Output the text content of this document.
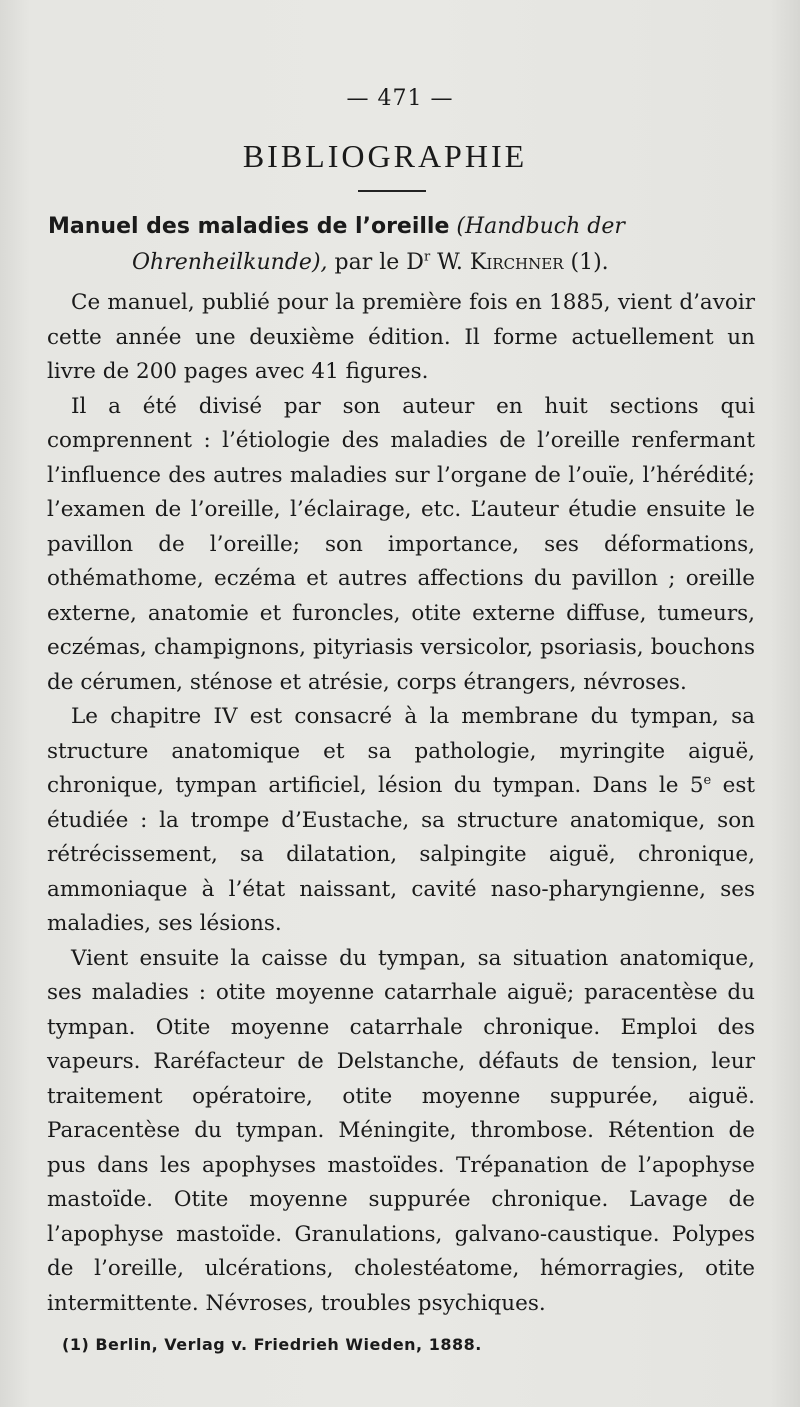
— 471 —
BIBLIOGRAPHIE
Manuel des maladies de l’oreille (Handbuch der
Ohrenheilkunde), par le $D^r$ W. Kirchner (1).

Ce manuel, publié pour la première fois en 1885, vient d’avoir cette année une deuxième édition. Il forme actuellement un livre de 200 pages avec 41 figures.

Il a été divisé par son auteur en huit sections qui comprennent : l’étiologie des maladies de l’oreille renfermant l’influence des autres maladies sur l’organe de l’ouïe, l’hérédité; l’examen de l’oreille, l’éclairage, etc. L’auteur étudie ensuite le pavillon de l’oreille; son importance, ses déformations, othémathome, eczéma et autres affections du pavillon ; oreille externe, anatomie et furoncles, otite externe diffuse, tumeurs, eczémas, champignons, pityriasis versicolor, psoriasis, bouchons de cérumen, sténose et atrésie, corps étrangers, névroses.

Le chapitre IV est consacré à la membrane du tympan, sa structure anatomique et sa pathologie, myringite aiguë, chronique, tympan artificiel, lésion du tympan. Dans le 5e est étudiée : la trompe d’Eustache, sa structure anatomique, son rétrécissement, sa dilatation, salpingite aiguë, chronique, ammoniaque à l’état naissant, cavité naso-pharyngienne, ses maladies, ses lésions.

Vient ensuite la caisse du tympan, sa situation anatomique, ses maladies : otite moyenne catarrhale aiguë; paracentèse du tympan. Otite moyenne catarrhale chronique. Emploi des vapeurs. Raréfacteur de Delstanche, défauts de tension, leur traitement opératoire, otite moyenne suppurée, aiguë. Paracentèse du tympan. Méningite, thrombose. Rétention de pus dans les apophyses mastoïdes. Trépanation de l’apophyse mastoïde. Otite moyenne suppurée chronique. Lavage de l’apophyse mastoïde. Granulations, galvano-caustique. Polypes de l’oreille, ulcérations, cholestéatome, hémorragies, otite intermittente. Névroses, troubles psychiques.

(1) Berlin, Verlag v. Friedrieh Wieden, 1888.
